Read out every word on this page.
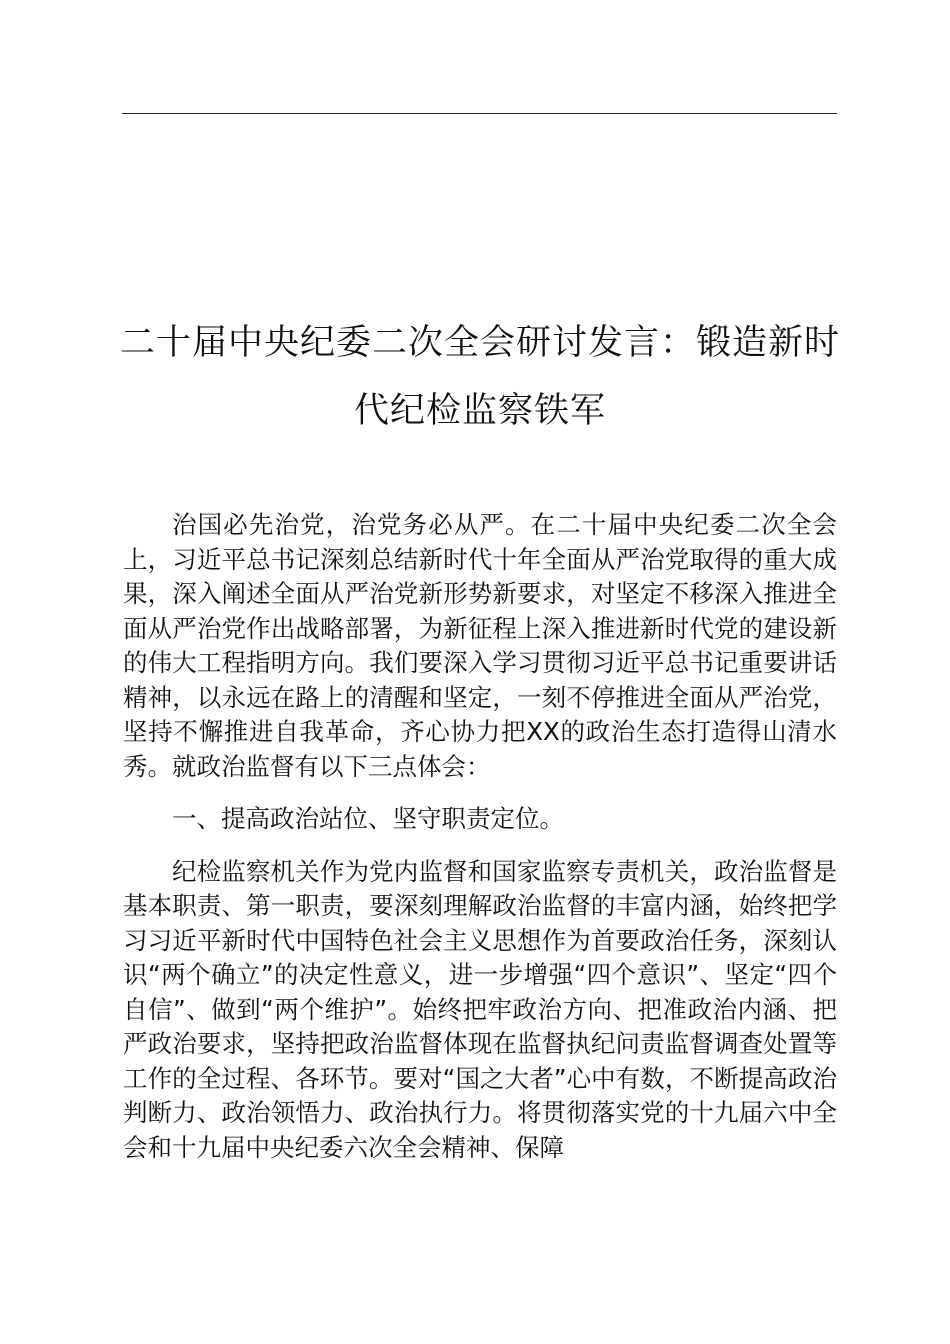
二十届中央纪委二次全会研讨发言：锻造新时
代纪检监察铁军

治国必先治党，治党务必从严。在二十届中央纪委二次全会上，习近平总书记深刻总结新时代十年全面从严治党取得的重大成果，深入阐述全面从严治党新形势新要求，对坚定不移深入推进全面从严治党作出战略部署，为新征程上深入推进新时代党的建设新的伟大工程指明方向。我们要深入学习贯彻习近平总书记重要讲话精神，以永远在路上的清醒和坚定，一刻不停推进全面从严治党，坚持不懈推进自我革命，齐心协力把XX的政治生态打造得山清水秀。就政治监督有以下三点体会：

一、提高政治站位、坚守职责定位。

纪检监察机关作为党内监督和国家监察专责机关，政治监督是基本职责、第一职责，要深刻理解政治监督的丰富内涵，始终把学习习近平新时代中国特色社会主义思想作为首要政治任务，深刻认识“两个确立”的决定性意义，进一步增强“四个意识”、坚定“四个自信”、做到“两个维护”。始终把牢政治方向、把准政治内涵、把严政治要求，坚持把政治监督体现在监督执纪问责监督调查处置等工作的全过程、各环节。要对“国之大者”心中有数，不断提高政治判断力、政治领悟力、政治执行力。将贯彻落实党的十九届六中全会和十九届中央纪委六次全会精神、保障
